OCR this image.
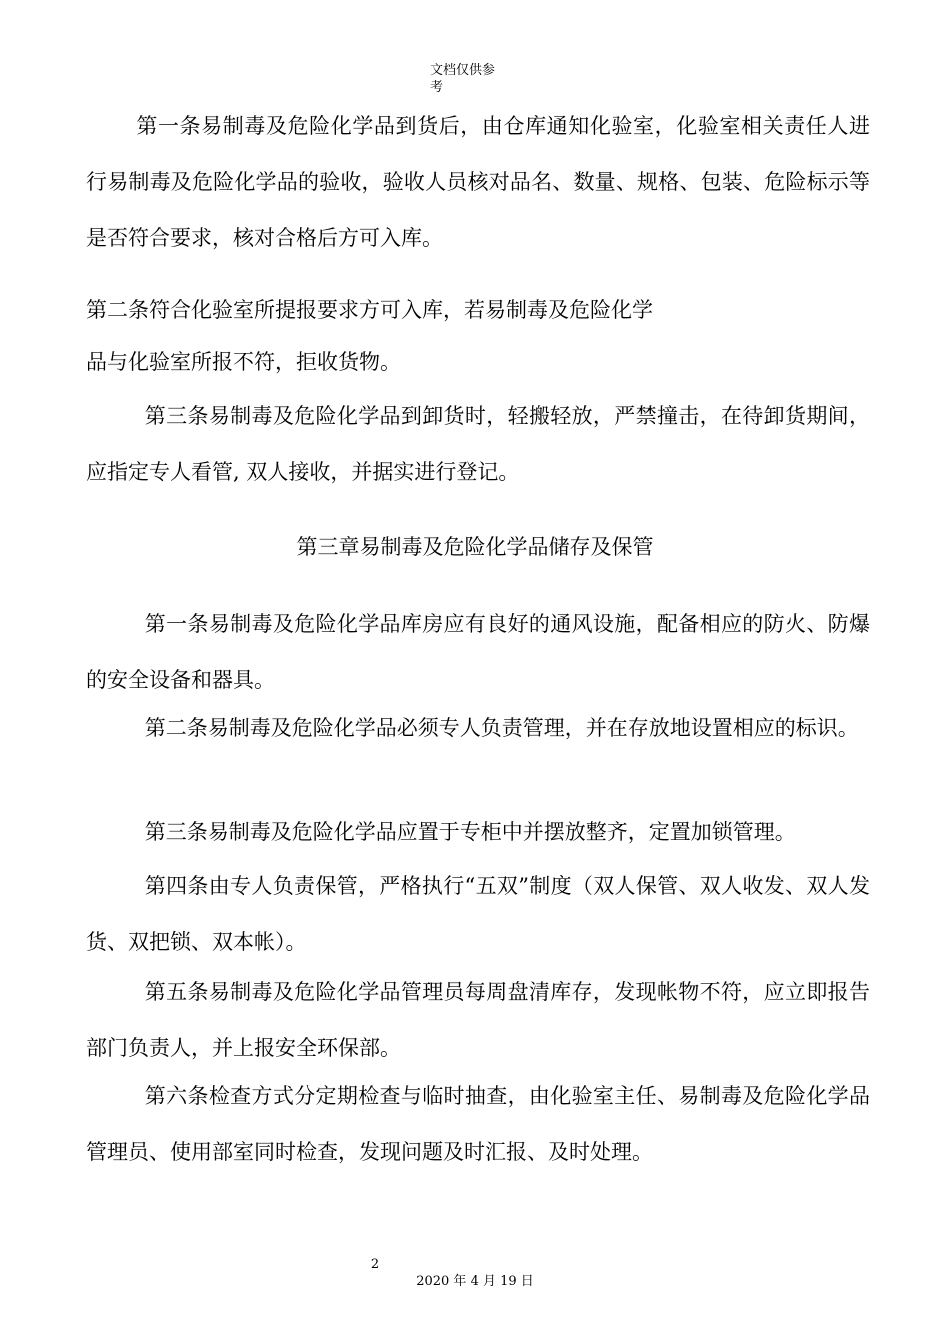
文档仅供参
考

第一条易制毒及危险化学品到货后，由仓库通知化验室，化验室相关责任人进行易制毒及危险化学品的验收，验收人员核对品名、数量、规格、包装、危险标示等是否符合要求，核对合格后方可入库。

第二条符合化验室所提报要求方可入库，若易制毒及危险化学

品与化验室所报不符，拒收货物。

第三条易制毒及危险化学品到卸货时，轻搬轻放，严禁撞击，在待卸货期间，应指定专人看管, 双人接收，并据实进行登记。

第三章易制毒及危险化学品储存及保管

第一条易制毒及危险化学品库房应有良好的通风设施，配备相应的防火、防爆的安全设备和器具。

第二条易制毒及危险化学品必须专人负责管理，并在存放地设置相应的标识。

第三条易制毒及危险化学品应置于专柜中并摆放整齐，定置加锁管理。

第四条由专人负责保管，严格执行“五双”制度（双人保管、双人收发、双人发货、双把锁、双本帐）。

第五条易制毒及危险化学品管理员每周盘清库存，发现帐物不符，应立即报告部门负责人，并上报安全环保部。

第六条检查方式分定期检查与临时抽查，由化验室主任、易制毒及危险化学品管理员、使用部室同时检查，发现问题及时汇报、及时处理。

2
2020 年 4 月 19 日
